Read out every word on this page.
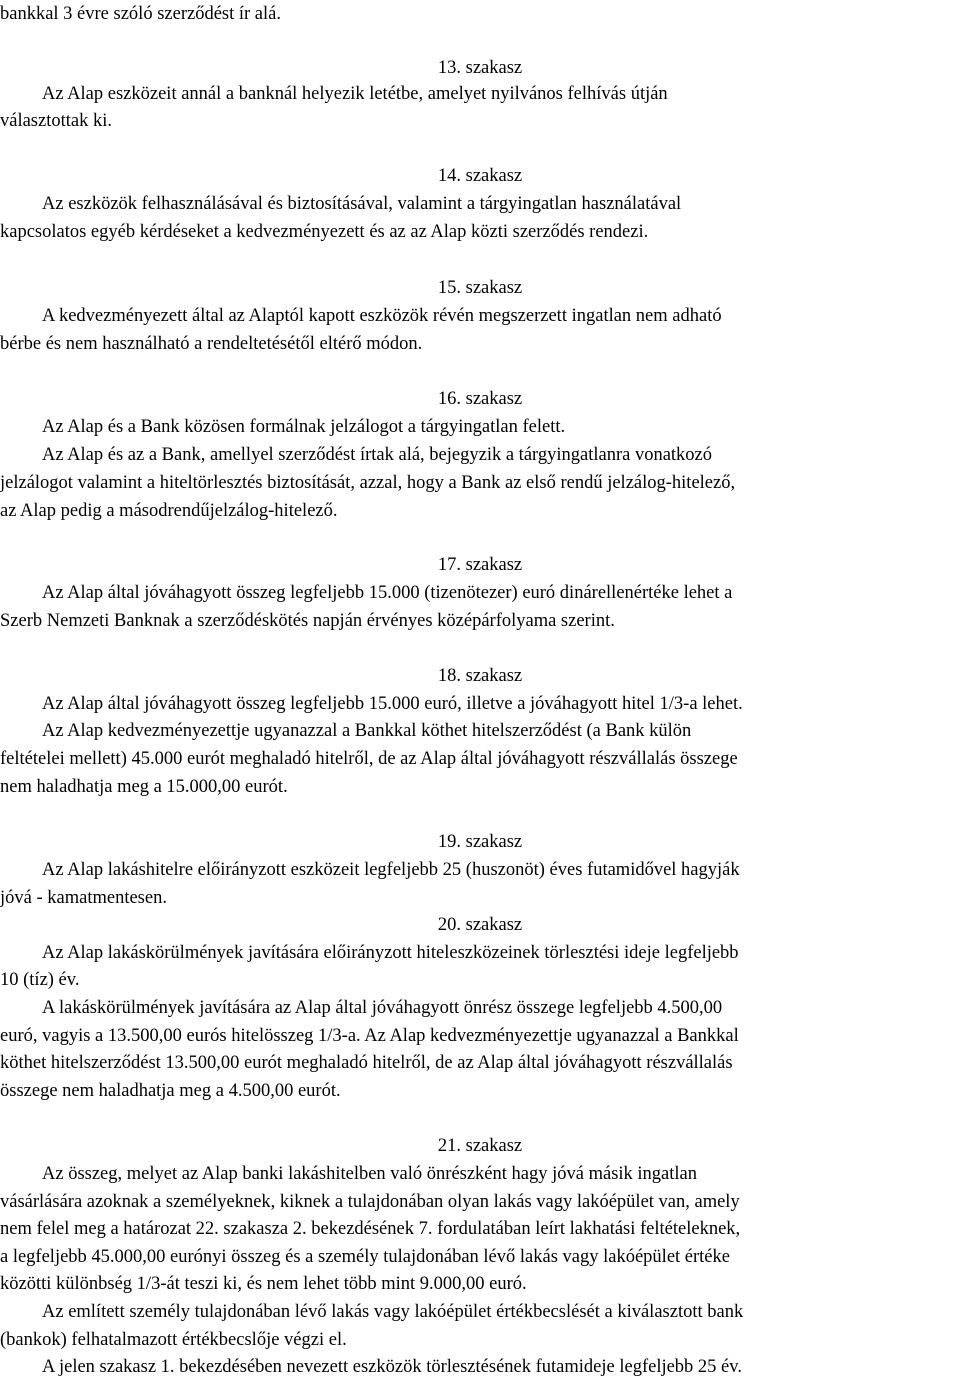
bankkal 3 évre szóló szerződést ír alá.
13. szakasz
Az Alap eszközeit annál a banknál helyezik letétbe, amelyet nyilvános felhívás útján
választottak ki.
14. szakasz
Az eszközök felhasználásával és biztosításával, valamint a tárgyingatlan használatával
kapcsolatos egyéb kérdéseket a kedvezményezett és az az Alap közti szerződés rendezi.
15. szakasz
A kedvezményezett által az Alaptól kapott eszközök révén megszerzett ingatlan nem adható
bérbe és nem használható a rendeltetésétől eltérő módon.
16. szakasz
Az Alap és a Bank közösen formálnak jelzálogot a tárgyingatlan felett.
Az Alap és az a Bank, amellyel szerződést írtak alá, bejegyzik a tárgyingatlanra vonatkozó
jelzálogot valamint a hiteltörlesztés biztosítását, azzal, hogy a Bank az első rendű jelzálog-hitelező,
az Alap pedig a másodrendűjelzálog-hitelező.
17. szakasz
Az Alap által jóváhagyott összeg legfeljebb 15.000 (tizenötezer) euró dinárellenértéke lehet a
Szerb Nemzeti Banknak a szerződéskötés napján érvényes középárfolyama szerint.
18. szakasz
Az Alap által jóváhagyott összeg legfeljebb 15.000 euró, illetve a jóváhagyott hitel 1/3-a lehet.
Az Alap kedvezményezettje ugyanazzal a Bankkal köthet hitelszerződést (a Bank külön
feltételei mellett) 45.000 eurót meghaladó hitelről, de az Alap által jóváhagyott részvállalás összege
nem haladhatja meg a 15.000,00 eurót.
19. szakasz
Az Alap lakáshitelre előirányzott eszközeit legfeljebb 25 (huszonöt) éves futamidővel hagyják
jóvá - kamatmentesen.
20. szakasz
Az Alap lakáskörülmények javítására előirányzott hiteleszközeinek törlesztési ideje legfeljebb
10 (tíz) év.
A lakáskörülmények javítására az Alap által jóváhagyott önrész összege legfeljebb 4.500,00
euró, vagyis a 13.500,00 eurós hitelösszeg 1/3-a. Az Alap kedvezményezettje ugyanazzal a Bankkal
köthet hitelszerződést 13.500,00 eurót meghaladó hitelről, de az Alap által jóváhagyott részvállalás
összege nem haladhatja meg a 4.500,00 eurót.
21. szakasz
Az összeg, melyet az Alap banki lakáshitelben való önrészként hagy jóvá másik ingatlan
vásárlására azoknak a személyeknek, kiknek a tulajdonában olyan lakás vagy lakóépület van, amely
nem felel meg a határozat 22. szakasza 2. bekezdésének 7. fordulatában leírt lakhatási feltételeknek,
a legfeljebb 45.000,00 eurónyi összeg és a személy tulajdonában lévő lakás vagy lakóépület értéke
közötti különbség 1/3-át teszi ki, és nem lehet több mint 9.000,00 euró.
Az említett személy tulajdonában lévő lakás vagy lakóépület értékbecslését a kiválasztott bank
(bankok) felhatalmazott értékbecslője végzi el.
A jelen szakasz 1. bekezdésében nevezett eszközök törlesztésének futamideje legfeljebb 25 év.
